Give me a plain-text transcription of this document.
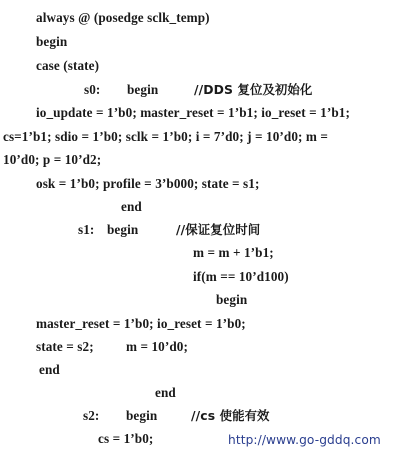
always @ (posedge sclk_temp)
begin
case (state)
s0: begin	//DDS 复位及初始化
io_update = 1’b0; master_reset = 1’b1; io_reset = 1’b1;
cs=1’b1; sdio = 1’b0; sclk = 1’b0; i = 7’d0; j = 10’d0; m =
10’d0; p = 10’d2;
osk = 1’b0; profile = 3’b000; state = s1;
end
s1: begin	//保证复位时间
m = m + 1’b1;
if(m == 10’d100)
begin
master_reset = 1’b0; io_reset = 1’b0;
state = s2; m = 10’d0;
end
end
s2: begin	//cs 使能有效
cs = 1’b0;	http://www.go-gddq.com
